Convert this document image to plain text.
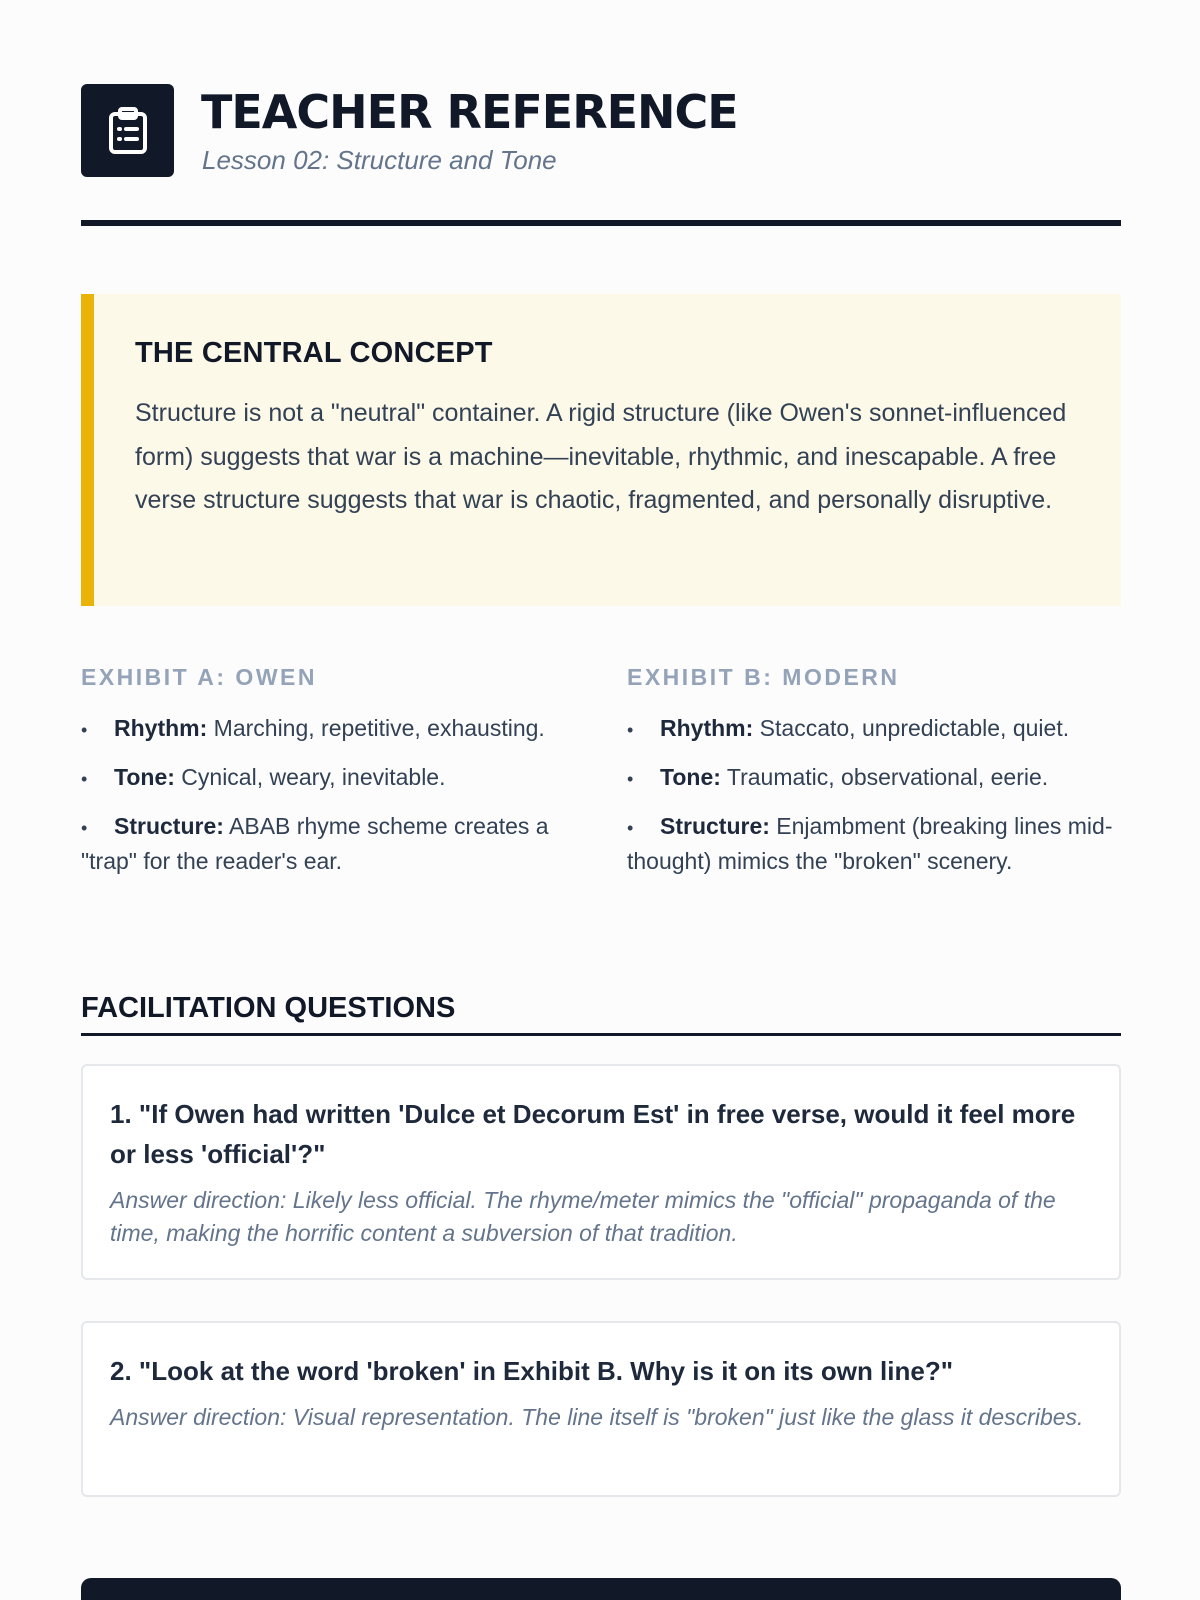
TEACHER REFERENCE
Lesson 02: Structure and Tone
THE CENTRAL CONCEPT
Structure is not a "neutral" container. A rigid structure (like Owen's sonnet-influenced form) suggests that war is a machine—inevitable, rhythmic, and inescapable. A free verse structure suggests that war is chaotic, fragmented, and personally disruptive.
EXHIBIT A: OWEN
• Rhythm: Marching, repetitive, exhausting.
• Tone: Cynical, weary, inevitable.
• Structure: ABAB rhyme scheme creates a "trap" for the reader's ear.
EXHIBIT B: MODERN
• Rhythm: Staccato, unpredictable, quiet.
• Tone: Traumatic, observational, eerie.
• Structure: Enjambment (breaking lines mid-thought) mimics the "broken" scenery.
FACILITATION QUESTIONS
1. "If Owen had written 'Dulce et Decorum Est' in free verse, would it feel more or less 'official'?"
Answer direction: Likely less official. The rhyme/meter mimics the "official" propaganda of the time, making the horrific content a subversion of that tradition.
2. "Look at the word 'broken' in Exhibit B. Why is it on its own line?"
Answer direction: Visual representation. The line itself is "broken" just like the glass it describes.
